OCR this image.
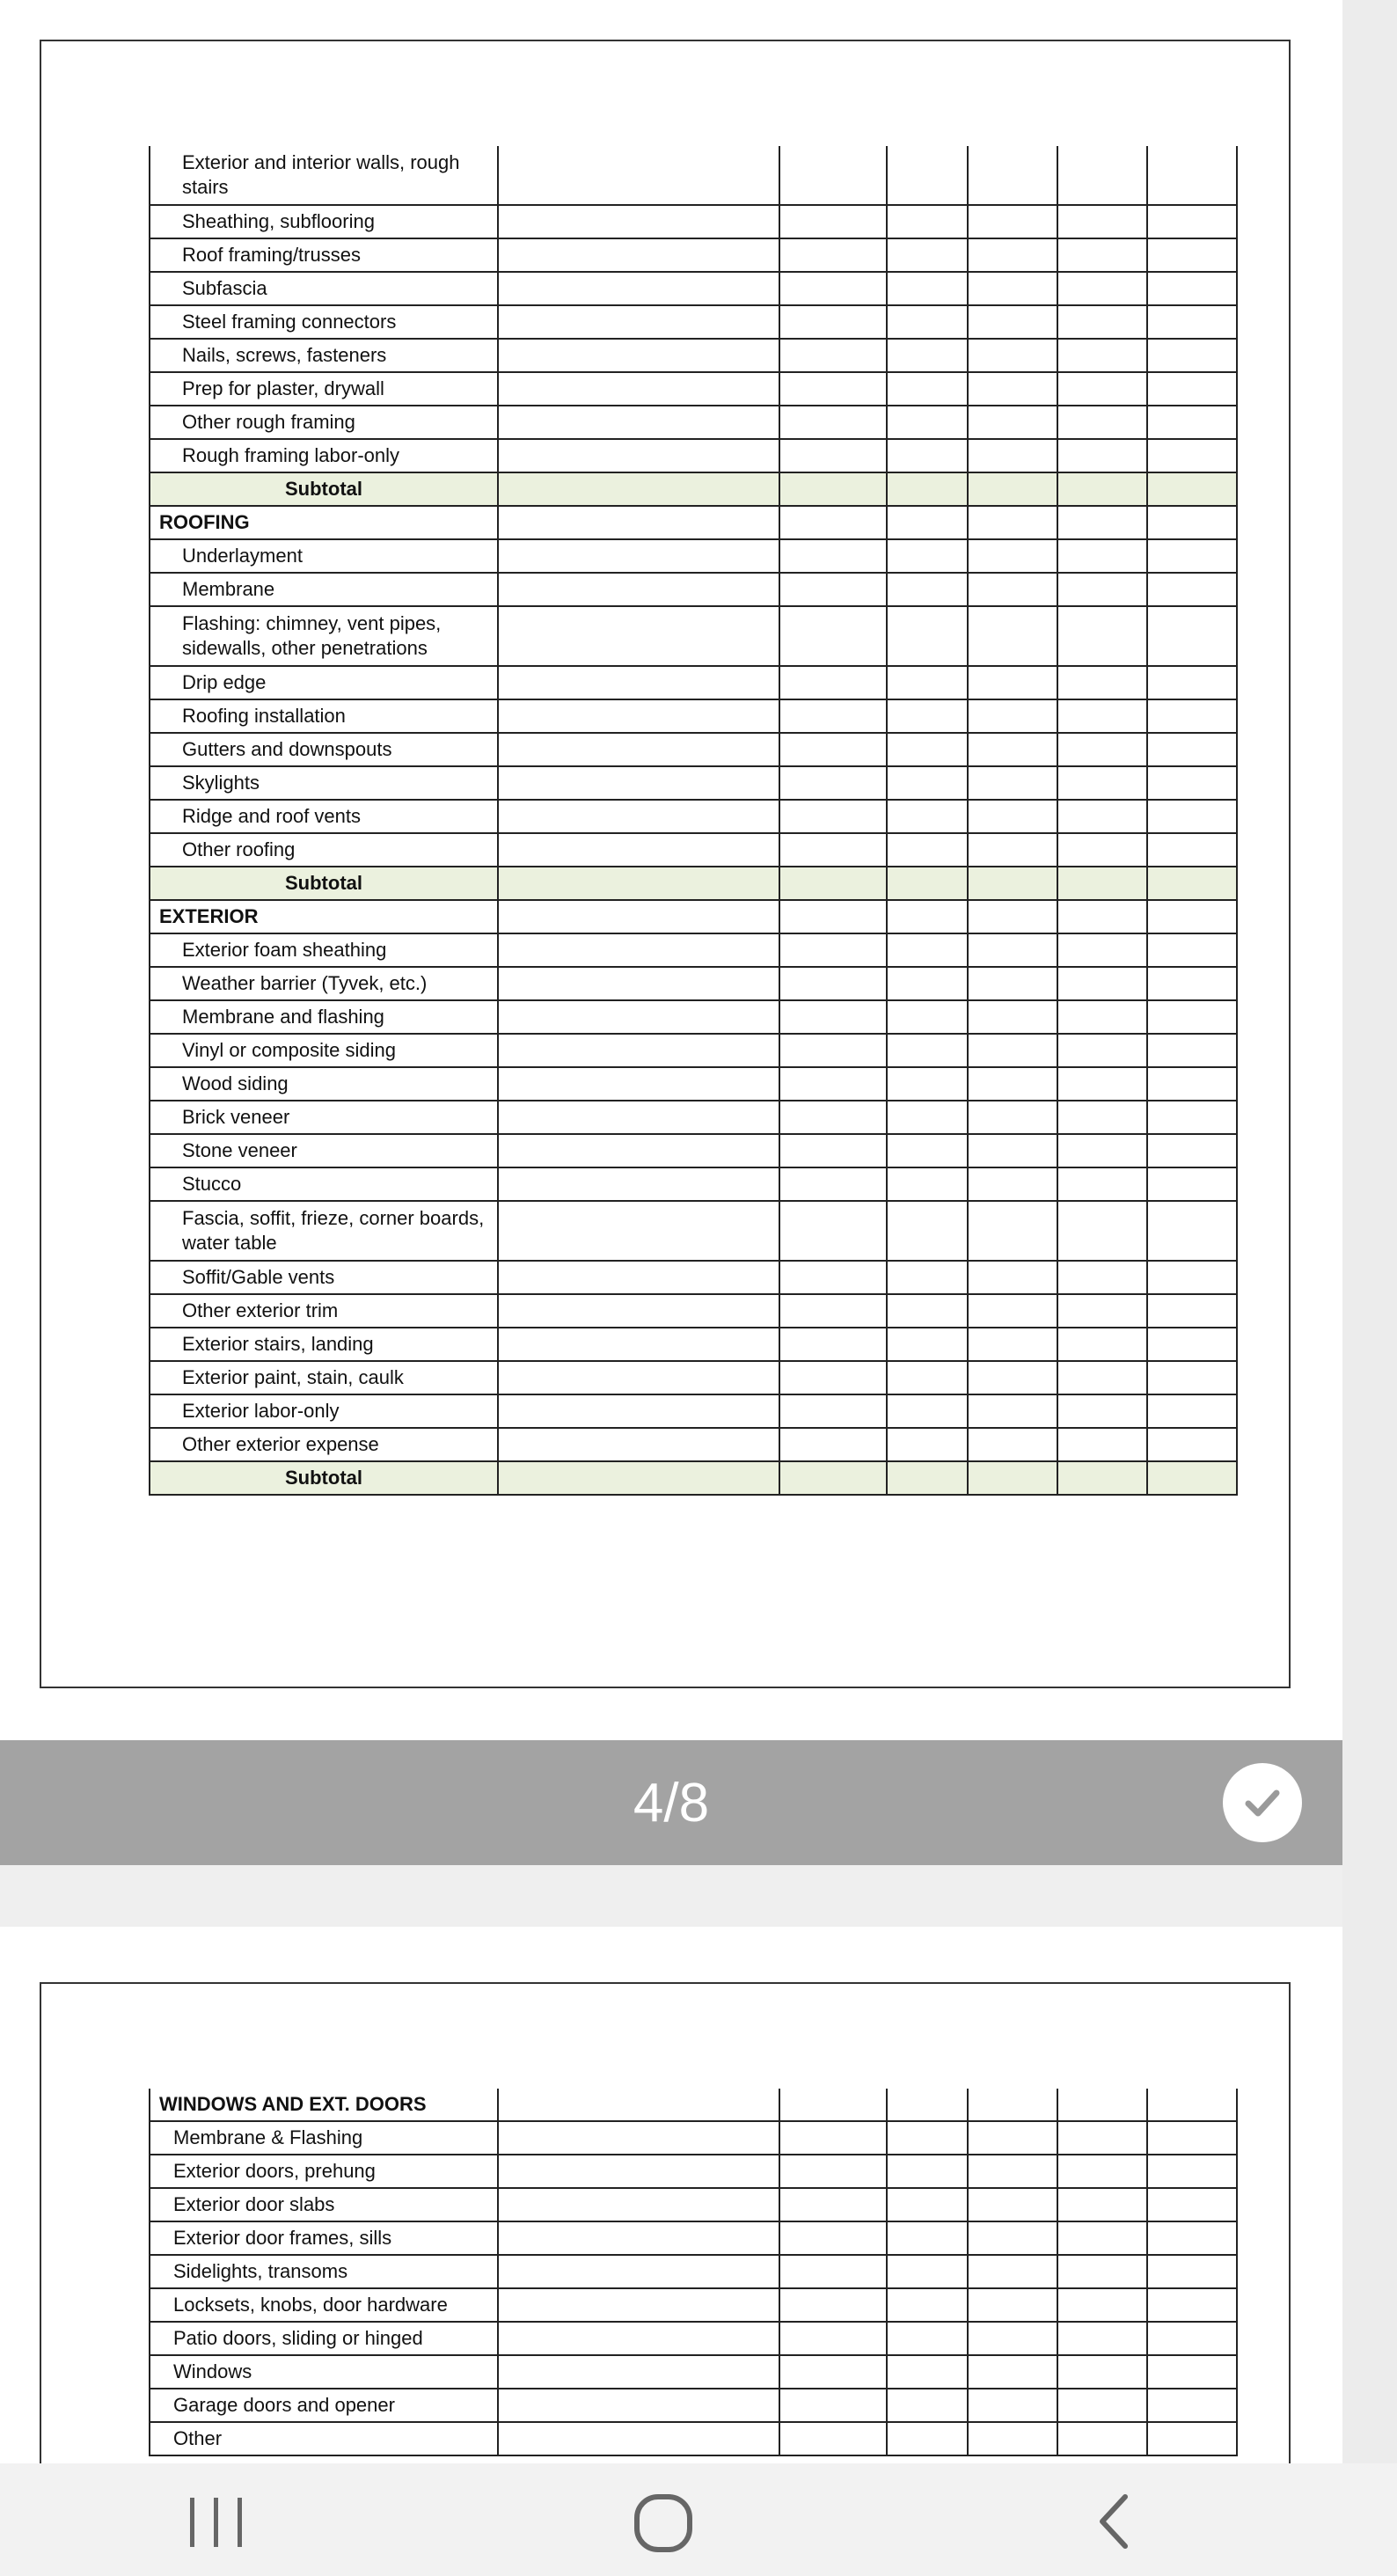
Exterior and interior walls, rough stairs						
Sheathing, subflooring						
Roof framing/trusses						
Subfascia						
Steel framing connectors						
Nails, screws, fasteners						
Prep for plaster, drywall						
Other rough framing						
Rough framing labor-only						
Subtotal						
ROOFING						
Underlayment						
Membrane						
Flashing: chimney, vent pipes, sidewalls, other penetrations						
Drip edge						
Roofing installation						
Gutters and downspouts						
Skylights						
Ridge and roof vents						
Other roofing						
Subtotal						
EXTERIOR						
Exterior foam sheathing						
Weather barrier (Tyvek, etc.)						
Membrane and flashing						
Vinyl or composite siding						
Wood siding						
Brick veneer						
Stone veneer						
Stucco						
Fascia, soffit, frieze, corner boards, water table						
Soffit/Gable vents						
Other exterior trim						
Exterior stairs, landing						
Exterior paint, stain, caulk						
Exterior labor-only						
Other exterior expense						
Subtotal						
4/8
WINDOWS AND EXT. DOORS						
Membrane & Flashing						
Exterior doors, prehung						
Exterior door slabs						
Exterior door frames, sills						
Sidelights, transoms						
Locksets, knobs, door hardware						
Patio doors, sliding or hinged						
Windows						
Garage doors and opener						
Other						
